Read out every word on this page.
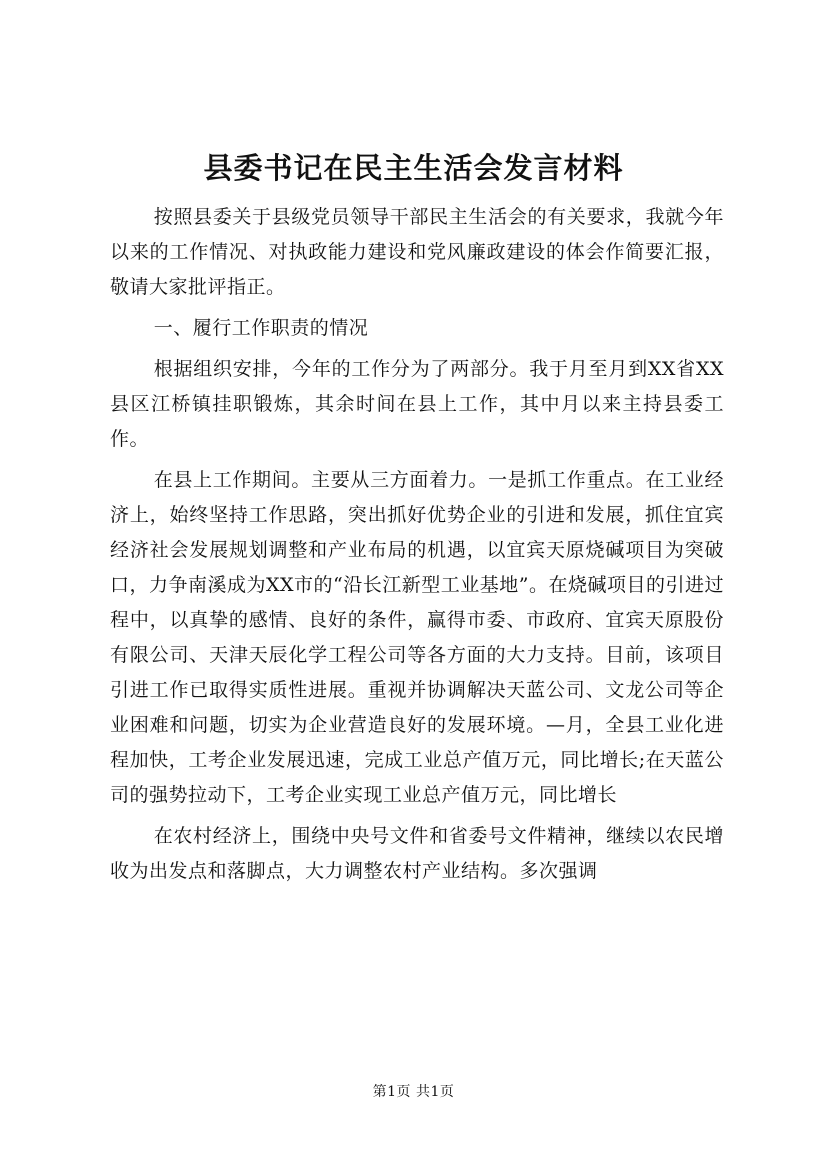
县委书记在民主生活会发言材料

按照县委关于县级党员领导干部民主生活会的有关要求，我就今年以来的工作情况、对执政能力建设和党风廉政建设的体会作简要汇报，敬请大家批评指正。

一、履行工作职责的情况

根据组织安排，今年的工作分为了两部分。我于月至月到XX省XX县区江桥镇挂职锻炼，其余时间在县上工作，其中月以来主持县委工作。

在县上工作期间。主要从三方面着力。一是抓工作重点。在工业经济上，始终坚持工作思路，突出抓好优势企业的引进和发展，抓住宜宾经济社会发展规划调整和产业布局的机遇，以宜宾天原烧碱项目为突破口，力争南溪成为XX市的“沿长江新型工业基地”。在烧碱项目的引进过程中，以真挚的感情、良好的条件，赢得市委、市政府、宜宾天原股份有限公司、天津天辰化学工程公司等各方面的大力支持。目前，该项目引进工作已取得实质性进展。重视并协调解决天蓝公司、文龙公司等企业困难和问题，切实为企业营造良好的发展环境。—月，全县工业化进程加快，工考企业发展迅速，完成工业总产值万元，同比增长;在天蓝公司的强势拉动下，工考企业实现工业总产值万元，同比增长

在农村经济上，围绕中央号文件和省委号文件精神，继续以农民增收为出发点和落脚点，大力调整农村产业结构。多次强调

第1页 共1页
